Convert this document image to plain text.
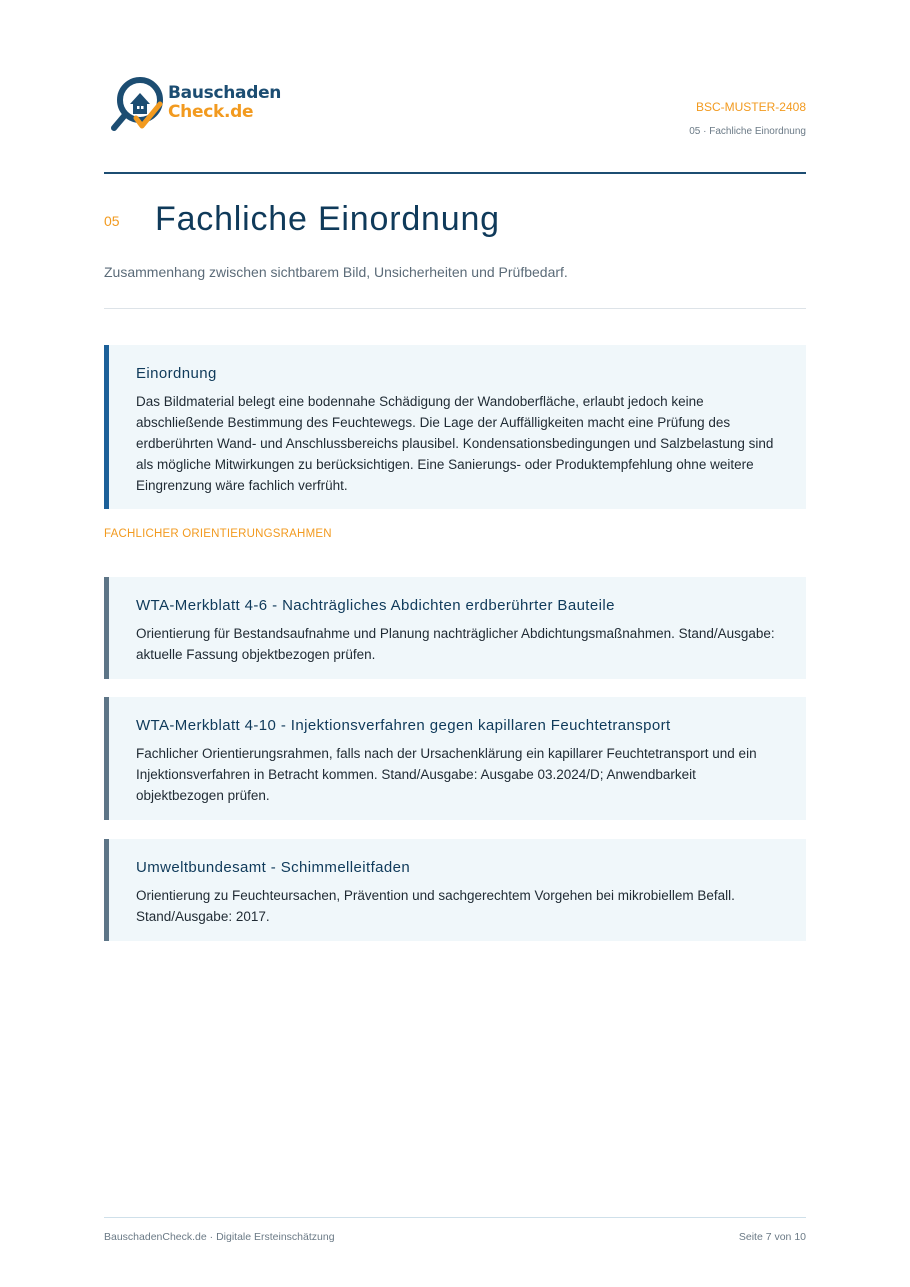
Bauschaden
Check.de	BSC-MUSTER-2408
05 · Fachliche Einordnung
05 Fachliche Einordnung
Zusammenhang zwischen sichtbarem Bild, Unsicherheiten und Prüfbedarf.
Einordnung
Das Bildmaterial belegt eine bodennahe Schädigung der Wandoberfläche, erlaubt jedoch keine abschließende Bestimmung des Feuchtewegs. Die Lage der Auffälligkeiten macht eine Prüfung des erdberührten Wand- und Anschlussbereichs plausibel. Kondensationsbedingungen und Salzbelastung sind als mögliche Mitwirkungen zu berücksichtigen. Eine Sanierungs- oder Produktempfehlung ohne weitere Eingrenzung wäre fachlich verfrüht.
FACHLICHER ORIENTIERUNGSRAHMEN
WTA-Merkblatt 4-6 - Nachträgliches Abdichten erdberührter Bauteile
Orientierung für Bestandsaufnahme und Planung nachträglicher Abdichtungsmaßnahmen. Stand/Ausgabe: aktuelle Fassung objektbezogen prüfen.
WTA-Merkblatt 4-10 - Injektionsverfahren gegen kapillaren Feuchtetransport
Fachlicher Orientierungsrahmen, falls nach der Ursachenklärung ein kapillarer Feuchtetransport und ein Injektionsverfahren in Betracht kommen. Stand/Ausgabe: Ausgabe 03.2024/D; Anwendbarkeit objektbezogen prüfen.
Umweltbundesamt - Schimmelleitfaden
Orientierung zu Feuchteursachen, Prävention und sachgerechtem Vorgehen bei mikrobiellem Befall. Stand/Ausgabe: 2017.
BauschadenCheck.de · Digitale Ersteinschätzung	Seite 7 von 10
